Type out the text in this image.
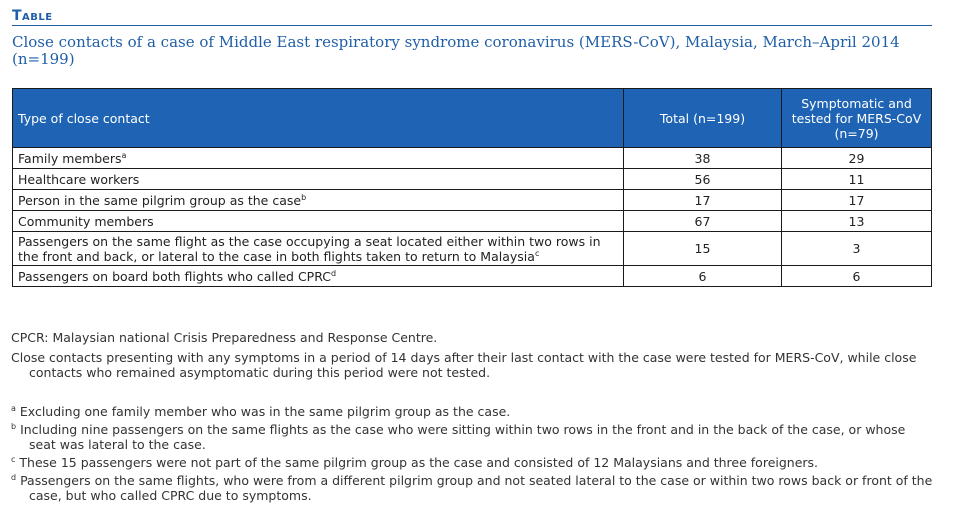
Table
Close contacts of a case of Middle East respiratory syndrome coronavirus (MERS-CoV), Malaysia, March–April 2014 (n=199)
Type of close contact	Total (n=199)	Symptomatic and tested for MERS-CoV (n=79)
Family members$^a$	38	29
Healthcare workers	56	11
Person in the same pilgrim group as the case$^b$	17	17
Community members	67	13
Passengers on the same flight as the case occupying a seat located either within two rows in the front and back, or lateral to the case in both flights taken to return to Malaysia$^c$	15	3
Passengers on board both flights who called CPRC$^d$	6	6
CPCR: Malaysian national Crisis Preparedness and Response Centre.
Close contacts presenting with any symptoms in a period of 14 days after their last contact with the case were tested for MERS-CoV, while close contacts who remained asymptomatic during this period were not tested.
$^a$ Excluding one family member who was in the same pilgrim group as the case.
$^b$ Including nine passengers on the same flights as the case who were sitting within two rows in the front and in the back of the case, or whose seat was lateral to the case.
$^c$ These 15 passengers were not part of the same pilgrim group as the case and consisted of 12 Malaysians and three foreigners.
$^d$ Passengers on the same flights, who were from a different pilgrim group and not seated lateral to the case or within two rows back or front of the case, but who called CPRC due to symptoms.
